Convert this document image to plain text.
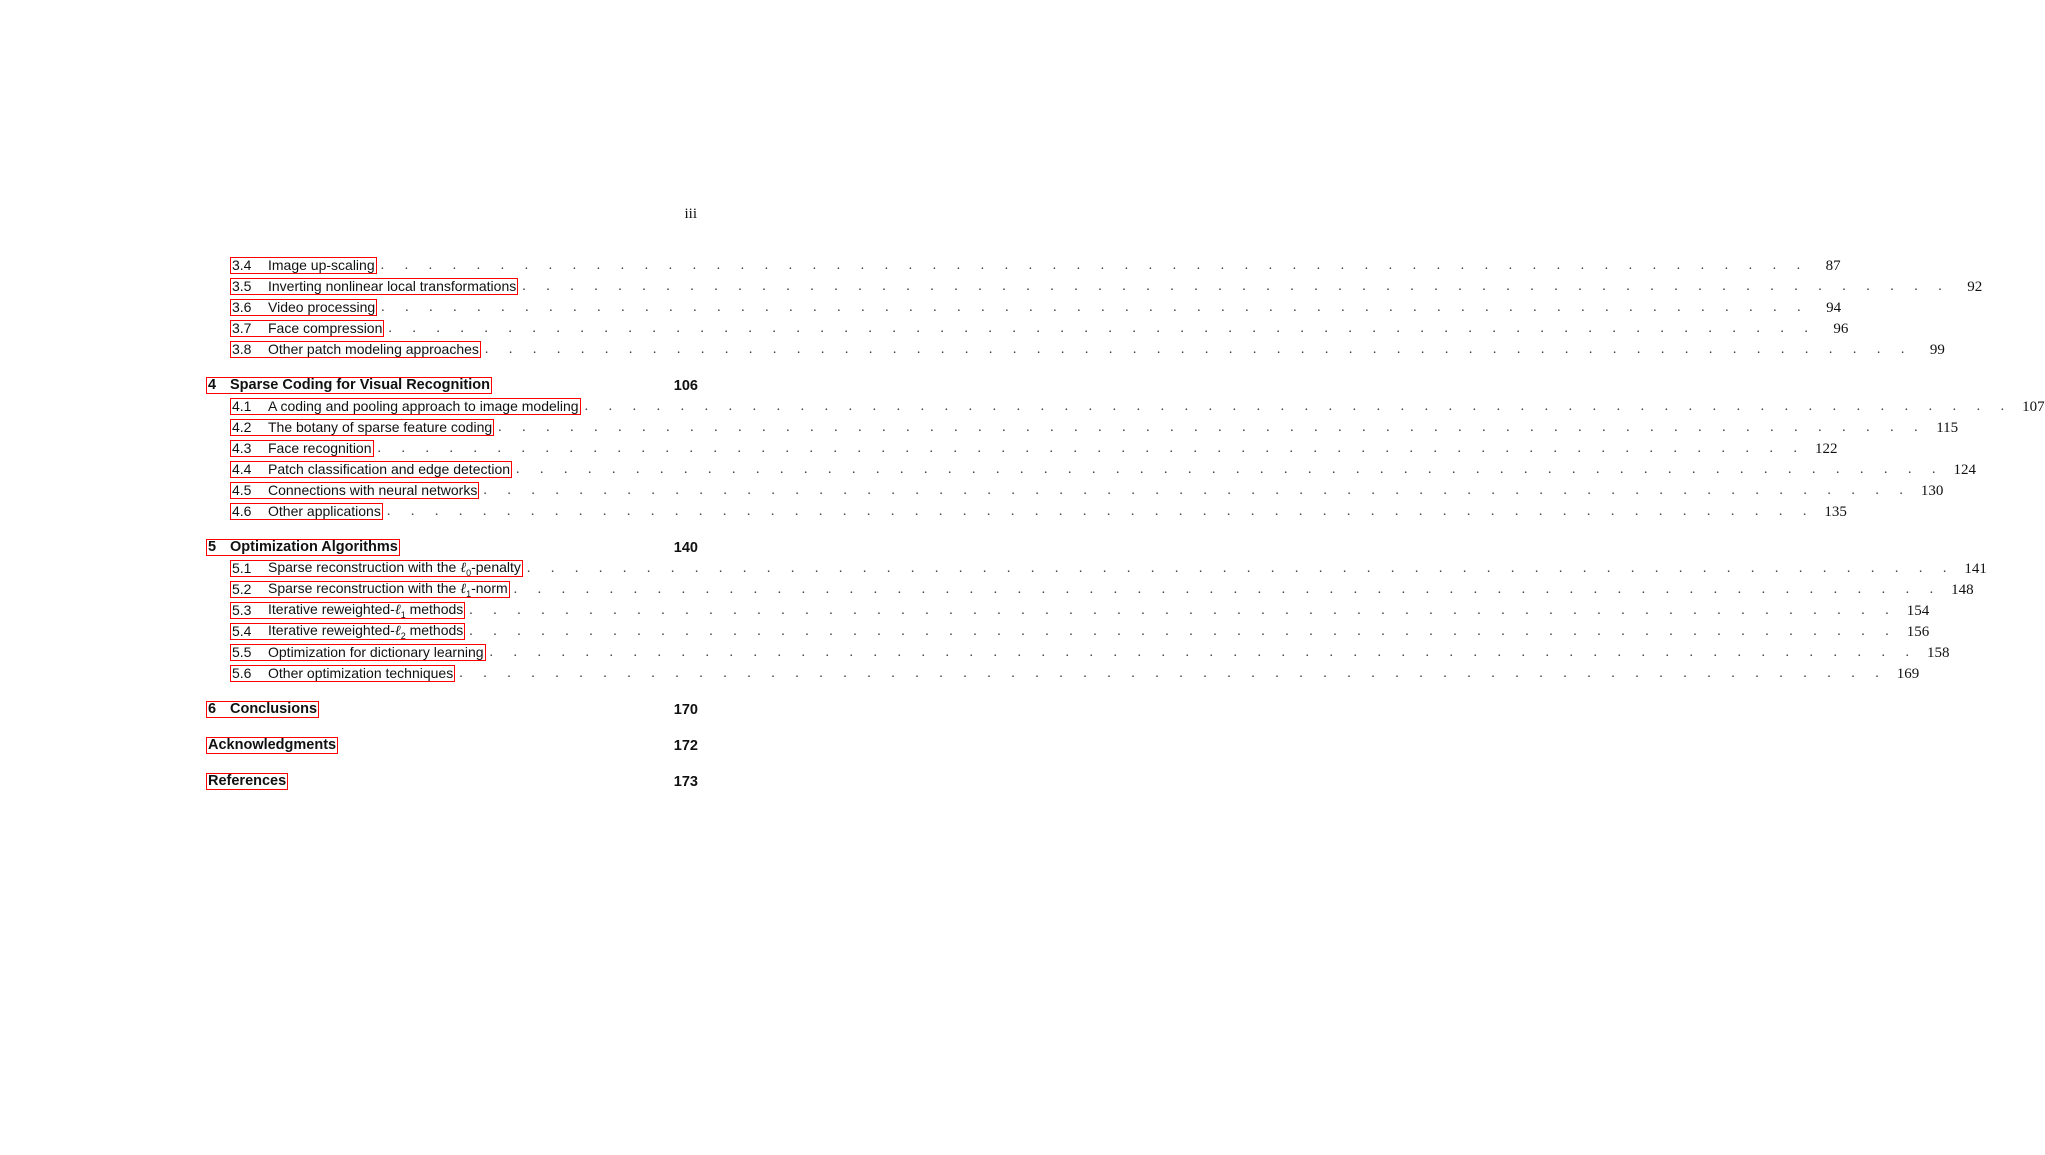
iii
3.4	Image up-scaling . . . . . . . . . . . . . . . . . . . . . . . . . . . . . . . . . . . . . . . . . . . . . . . . . . . . . . . . . . . .	87
3.5	Inverting nonlinear local transformations . . . . . . . . . . . . . . . . . . . . . . . . . . . . . . . . . . . . . . . . . . . . . . . . . . . . . . . . . . . .	92
3.6	Video processing . . . . . . . . . . . . . . . . . . . . . . . . . . . . . . . . . . . . . . . . . . . . . . . . . . . . . . . . . . . .	94
3.7	Face compression . . . . . . . . . . . . . . . . . . . . . . . . . . . . . . . . . . . . . . . . . . . . . . . . . . . . . . . . . . . .	96
3.8	Other patch modeling approaches . . . . . . . . . . . . . . . . . . . . . . . . . . . . . . . . . . . . . . . . . . . . . . . . . . . . . . . . . . . .	99
4 Sparse Coding for Visual Recognition	106
4.1	A coding and pooling approach to image modeling . . . . . . . . . . . . . . . . . . . . . . . . . . . . . . . . . . . . . . . . . . . . . . . . . . . . . . . . . . . . 107
4.2	The botany of sparse feature coding . . . . . . . . . . . . . . . . . . . . . . . . . . . . . . . . . . . . . . . . . . . . . . . . . . . . . . . . . . . . 115
4.3	Face recognition . . . . . . . . . . . . . . . . . . . . . . . . . . . . . . . . . . . . . . . . . . . . . . . . . . . . . . . . . . . . 122
4.4	Patch classification and edge detection . . . . . . . . . . . . . . . . . . . . . . . . . . . . . . . . . . . . . . . . . . . . . . . . . . . . . . . . . . . . 124
4.5	Connections with neural networks . . . . . . . . . . . . . . . . . . . . . . . . . . . . . . . . . . . . . . . . . . . . . . . . . . . . . . . . . . . . 130
4.6	Other applications . . . . . . . . . . . . . . . . . . . . . . . . . . . . . . . . . . . . . . . . . . . . . . . . . . . . . . . . . . . . 135
5 Optimization Algorithms	140
5.1	Sparse reconstruction with the ℓ$_0$-penalty . . . . . . . . . . . . . . . . . . . . . . . . . . . . . . . . . . . . . . . . . . . . . . . . . . . . . . . . . . . . 141
5.2	Sparse reconstruction with the ℓ$_1$-norm . . . . . . . . . . . . . . . . . . . . . . . . . . . . . . . . . . . . . . . . . . . . . . . . . . . . . . . . . . . . 148
5.3	Iterative reweighted-ℓ$_1$ methods . . . . . . . . . . . . . . . . . . . . . . . . . . . . . . . . . . . . . . . . . . . . . . . . . . . . . . . . . . . . 154
5.4	Iterative reweighted-ℓ$_2$ methods . . . . . . . . . . . . . . . . . . . . . . . . . . . . . . . . . . . . . . . . . . . . . . . . . . . . . . . . . . . . 156
5.5	Optimization for dictionary learning . . . . . . . . . . . . . . . . . . . . . . . . . . . . . . . . . . . . . . . . . . . . . . . . . . . . . . . . . . . . 158
5.6	Other optimization techniques . . . . . . . . . . . . . . . . . . . . . . . . . . . . . . . . . . . . . . . . . . . . . . . . . . . . . . . . . . . . 169
6 Conclusions	170
Acknowledgments	172
References	173
